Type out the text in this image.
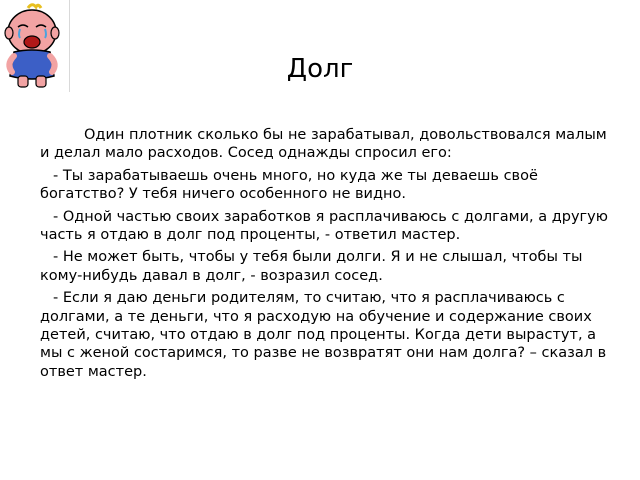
Долг

Один плотник сколько бы не зарабатывал, довольствовался малым и делал мало расходов. Сосед однажды спросил его:

- Ты зарабатываешь очень много, но куда же ты деваешь своё богатство? У тебя ничего особенного не видно.

- Одной частью своих заработков я расплачиваюсь с долгами, а другую часть я отдаю в долг под проценты, - ответил мастер.

- Не может быть, чтобы у тебя были долги. Я и не слышал, чтобы ты кому-нибудь давал в долг, - возразил сосед.

- Если я даю деньги родителям, то считаю, что я расплачиваюсь с долгами, а те деньги, что я расходую на обучение и содержание своих детей, считаю, что отдаю в долг под проценты. Когда дети вырастут, а мы с женой состаримся, то разве не возвратят они нам долга? – сказал в ответ мастер.
